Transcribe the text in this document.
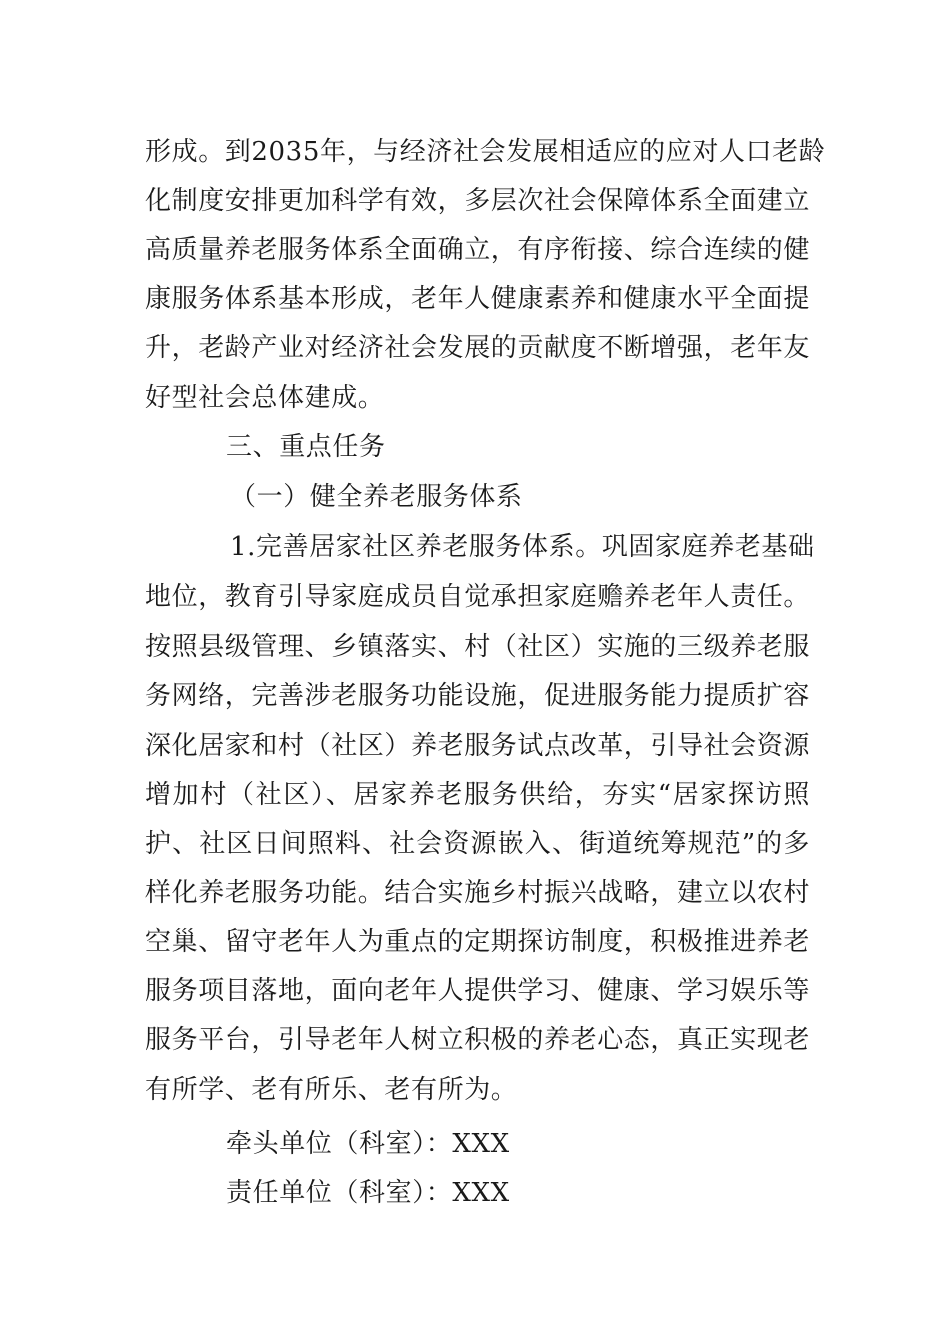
形成。到2035年，与经济社会发展相适应的应对人口老龄
化制度安排更加科学有效，多层次社会保障体系全面建立
高质量养老服务体系全面确立，有序衔接、综合连续的健
康服务体系基本形成，老年人健康素养和健康水平全面提
升，老龄产业对经济社会发展的贡献度不断增强，老年友
好型社会总体建成。
三、重点任务
（一）健全养老服务体系
1.完善居家社区养老服务体系。巩固家庭养老基础
地位，教育引导家庭成员自觉承担家庭赡养老年人责任。
按照县级管理、乡镇落实、村（社区）实施的三级养老服
务网络，完善涉老服务功能设施，促进服务能力提质扩容
深化居家和村（社区）养老服务试点改革，引导社会资源
增加村（社区）、居家养老服务供给，夯实“居家探访照
护、社区日间照料、社会资源嵌入、街道统筹规范”的多
样化养老服务功能。结合实施乡村振兴战略，建立以农村
空巢、留守老年人为重点的定期探访制度，积极推进养老
服务项目落地，面向老年人提供学习、健康、学习娱乐等
服务平台，引导老年人树立积极的养老心态，真正实现老
有所学、老有所乐、老有所为。
牵头单位（科室）：XXX
责任单位（科室）：XXX
